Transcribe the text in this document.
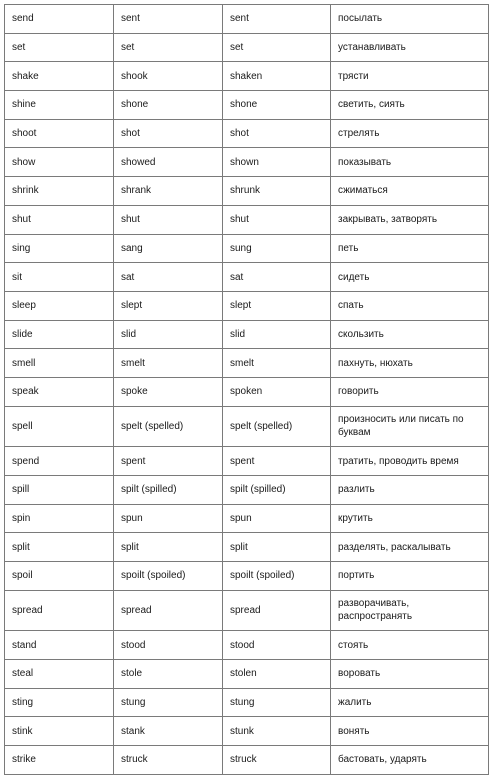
send	sent	sent	посылать
set	set	set	устанавливать
shake	shook	shaken	трясти
shine	shone	shone	светить, сиять
shoot	shot	shot	стрелять
show	showed	shown	показывать
shrink	shrank	shrunk	сжиматься
shut	shut	shut	закрывать, затворять
sing	sang	sung	петь
sit	sat	sat	сидеть
sleep	slept	slept	спать
slide	slid	slid	скользить
smell	smelt	smelt	пахнуть, нюхать
speak	spoke	spoken	говорить
spell	spelt (spelled)	spelt (spelled)	произносить или писать по буквам
spend	spent	spent	тратить, проводить время
spill	spilt (spilled)	spilt (spilled)	разлить
spin	spun	spun	крутить
split	split	split	разделять, раскалывать
spoil	spoilt (spoiled)	spoilt (spoiled)	портить
spread	spread	spread	разворачивать, распространять
stand	stood	stood	стоять
steal	stole	stolen	воровать
sting	stung	stung	жалить
stink	stank	stunk	вонять
strike	struck	struck	бастовать, ударять
